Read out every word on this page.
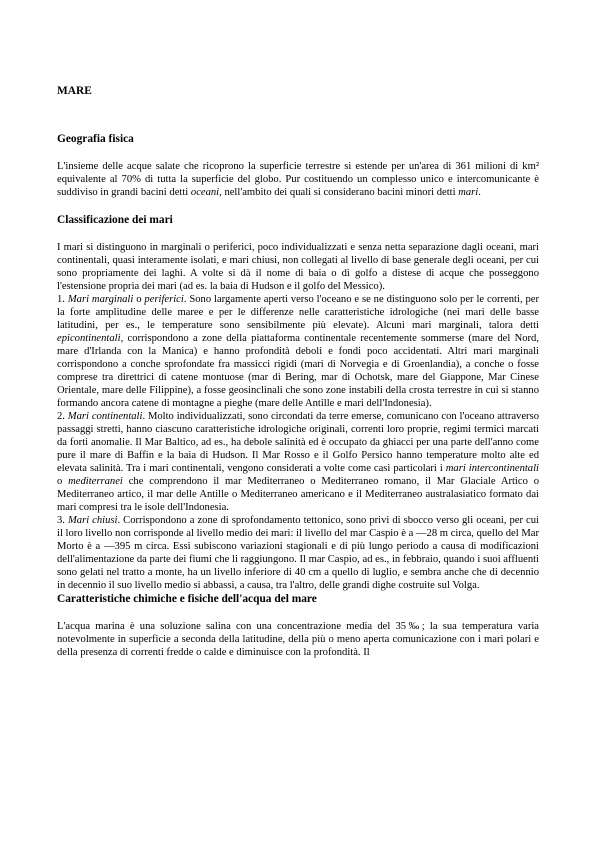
MARE
Geografia fisica

L'insieme delle acque salate che ricoprono la superficie terrestre si estende per un'area di 361 milioni di km² equivalente al 70% di tutta la superficie del globo. Pur costituendo un complesso unico e intercomunicante è suddiviso in grandi bacini detti oceani, nell'ambito dei quali si considerano bacini minori detti mari.

Classificazione dei mari

I mari si distinguono in marginali o periferici, poco individualizzati e senza netta separazione dagli oceani, mari continentali, quasi interamente isolati, e mari chiusi, non collegati al livello di base generale degli oceani, per cui sono propriamente dei laghi. A volte si dà il nome di baia o di golfo a distese di acque che posseggono l'estensione propria dei mari (ad es. la baia di Hudson e il golfo del Messico).

1. Mari marginali o periferici. Sono largamente aperti verso l'oceano e se ne distinguono solo per le correnti, per la forte amplitudine delle maree e per le differenze nelle caratteristiche idrologiche (nei mari delle basse latitudini, per es., le temperature sono sensibilmente più elevate). Alcuni mari marginali, talora detti epicontinentali, corrispondono a zone della piattaforma continentale recentemente sommerse (mare del Nord, mare d'Irlanda con la Manica) e hanno profondità deboli e fondi poco accidentati. Altri mari marginali corrispondono a conche sprofondate fra massicci rigidi (mari di Norvegia e di Groenlandia), a conche o fosse comprese tra direttrici di catene montuose (mar di Bering, mar di Ochotsk, mare del Giappone, Mar Cinese Orientale, mare delle Filippine), a fosse geosinclinali che sono zone instabili della crosta terrestre in cui si stanno formando ancora catene di montagne a pieghe (mare delle Antille e mari dell'Indonesia).

2. Mari continentali. Molto individualizzati, sono circondati da terre emerse, comunicano con l'oceano attraverso passaggi stretti, hanno ciascuno caratteristiche idrologiche originali, correnti loro proprie, regimi termici marcati da forti anomalie. Il Mar Baltico, ad es., ha debole salinità ed è occupato da ghiacci per una parte dell'anno come pure il mare di Baffin e la baia di Hudson. Il Mar Rosso e il Golfo Persico hanno temperature molto alte ed elevata salinità. Tra i mari continentali, vengono considerati a volte come casi particolari i mari intercontinentali o mediterranei che comprendono il mar Mediterraneo o Mediterraneo romano, il Mar Glaciale Artico o Mediterraneo artico, il mar delle Antille o Mediterraneo americano e il Mediterraneo australasiatico formato dai mari compresi tra le isole dell'Indonesia.

3. Mari chiusi. Corrispondono a zone di sprofondamento tettonico, sono privi di sbocco verso gli oceani, per cui il loro livello non corrisponde al livello medio dei mari: il livello del mar Caspio è a —28 m circa, quello del Mar Morto è a —395 m circa. Essi subiscono variazioni stagionali e di più lungo periodo a causa di modificazioni dell'alimentazione da parte dei fiumi che li raggiungono. Il mar Caspio, ad es., in febbraio, quando i suoi affluenti sono gelati nel tratto a monte, ha un livello inferiore di 40 cm a quello di luglio, e sembra anche che di decennio in decennio il suo livello medio si abbassi, a causa, tra l'altro, delle grandi dighe costruite sul Volga.

Caratteristiche chimiche e fisiche dell'acqua del mare

L'acqua marina è una soluzione salina con una concentrazione media del 35‰; la sua temperatura varia notevolmente in superficie a seconda della latitudine, della più o meno aperta comunicazione con i mari polari e della presenza di correnti fredde o calde e diminuisce con la profondità. Il
